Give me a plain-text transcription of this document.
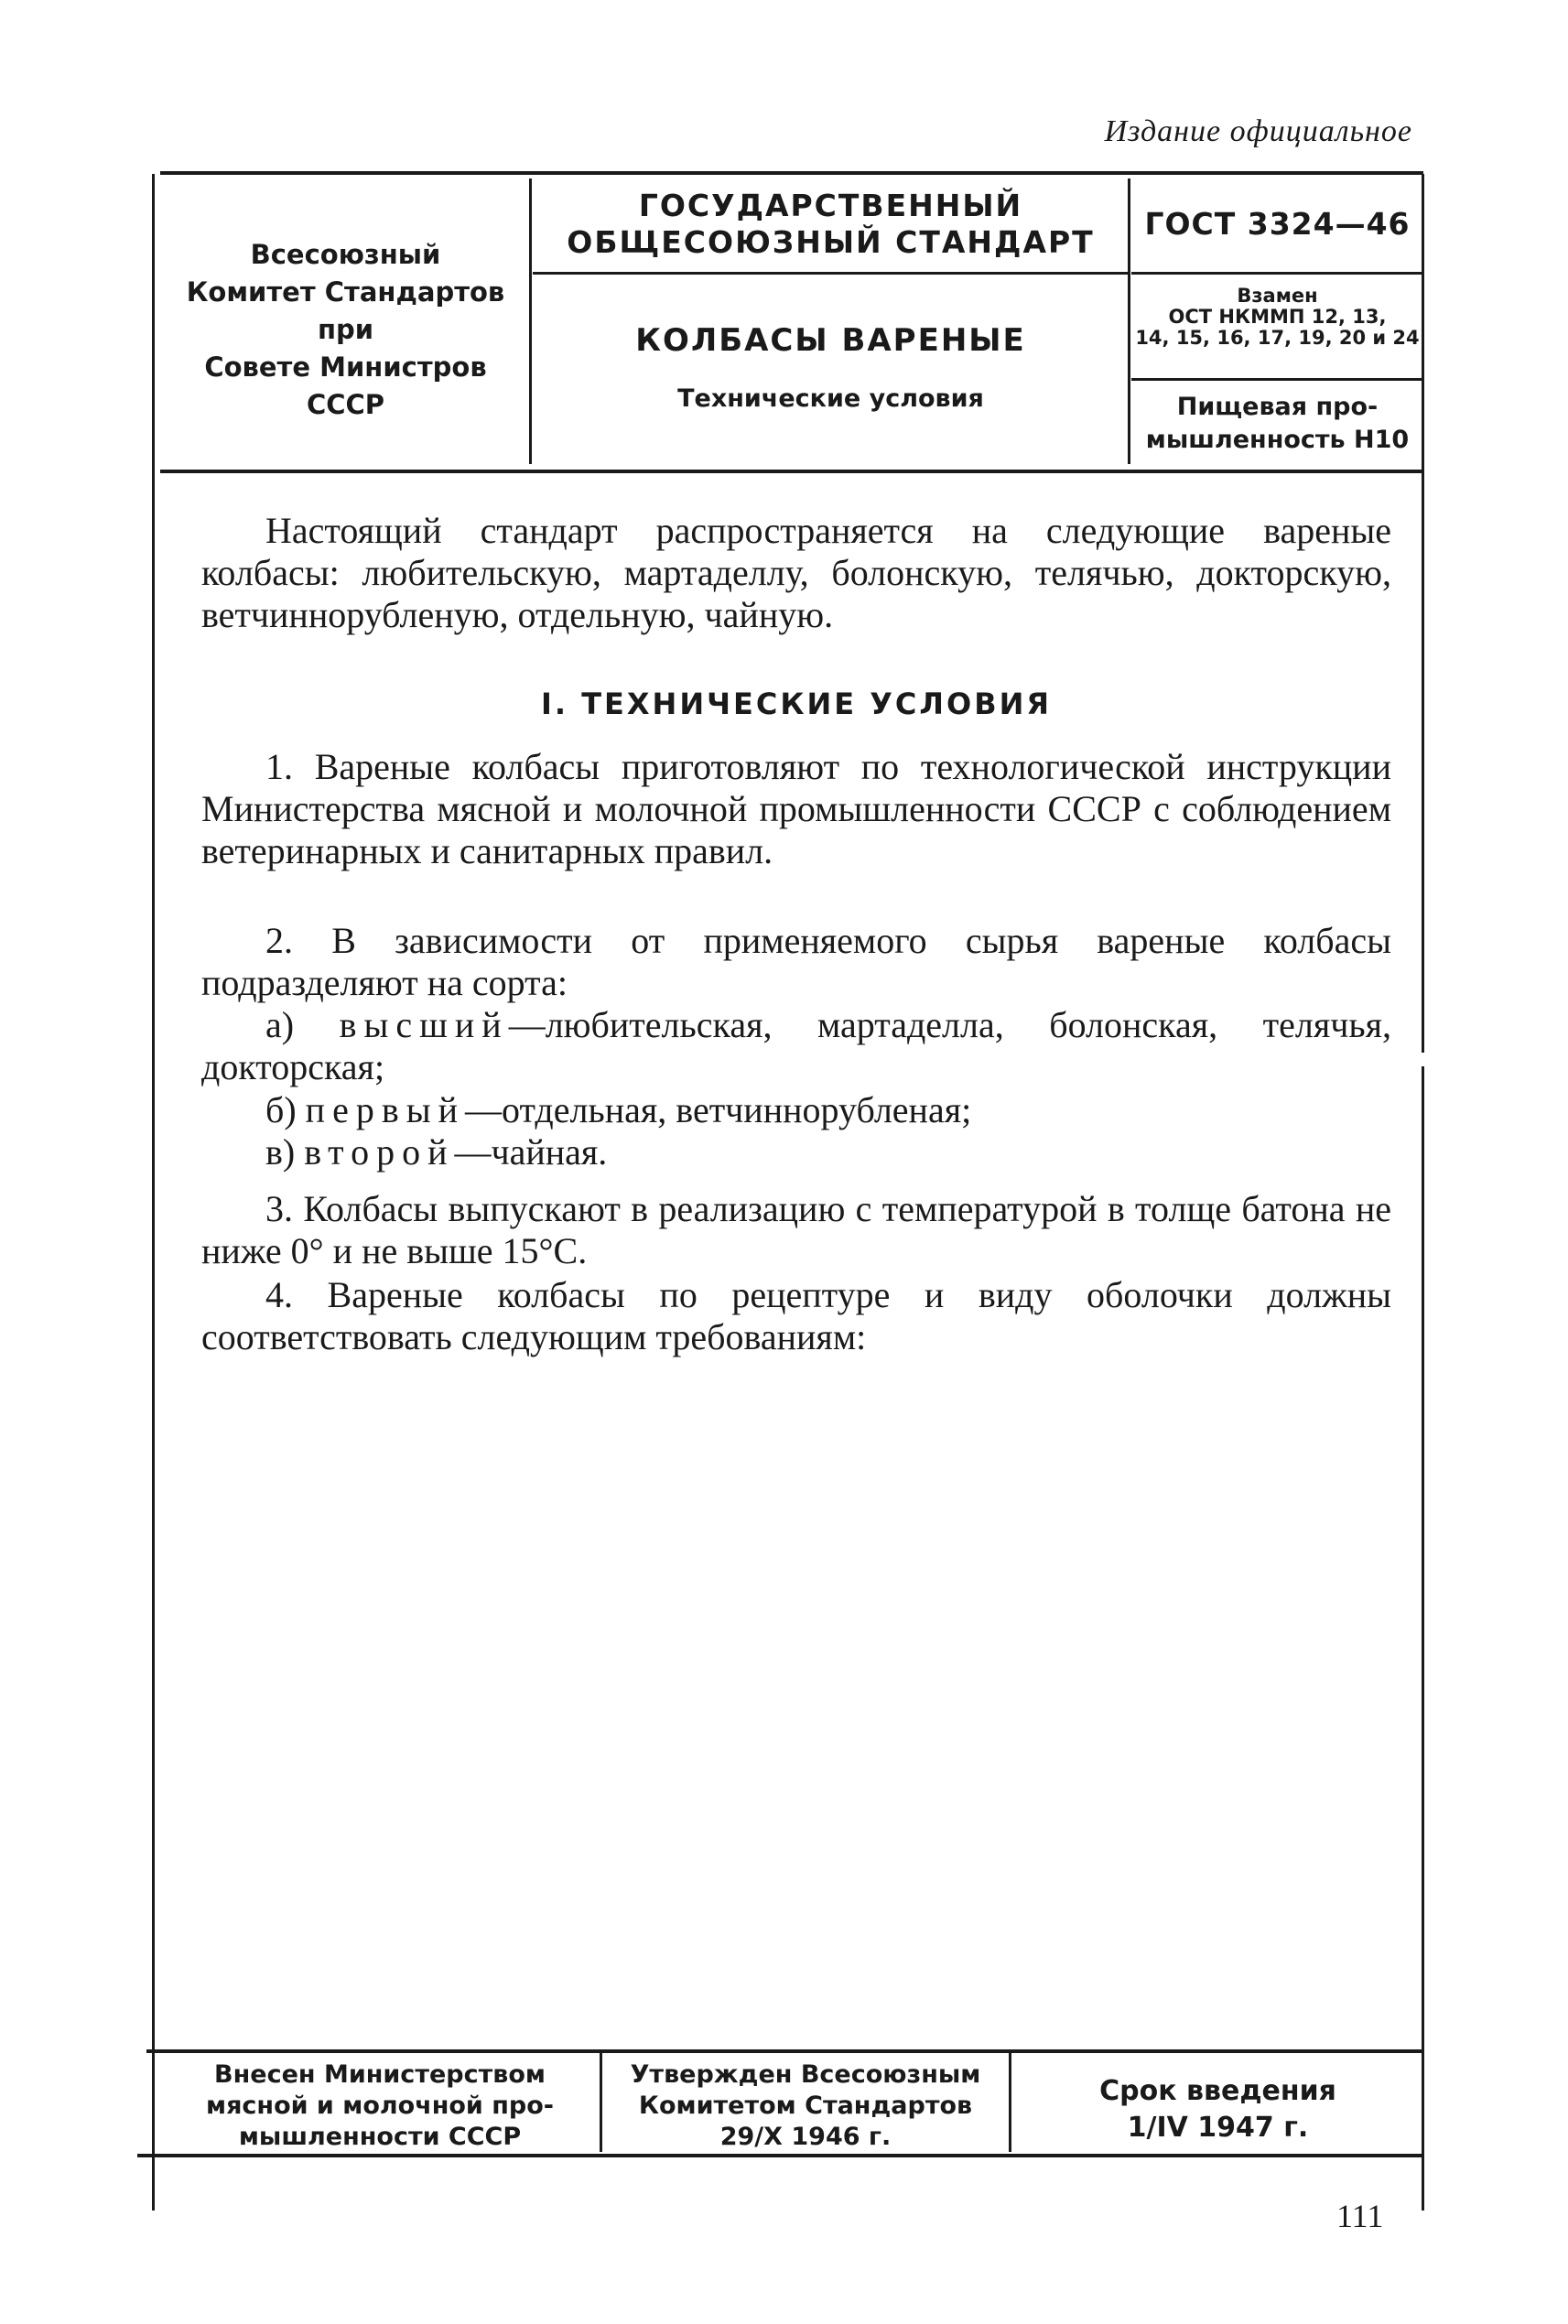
Издание официальное
Всесоюзный
Комитет Стандартов
при
Совете Министров
СССР
ГОСУДАРСТВЕННЫЙ
ОБЩЕСОЮЗНЫЙ СТАНДАРТ
КОЛБАСЫ ВАРЕНЫЕ
Технические условия
ГОСТ 3324—46
Взамен
ОСТ НКММП 12, 13,
14, 15, 16, 17, 19, 20 и 24
Пищевая про-
мышленность Н10
Настоящий стандарт распространяется на следующие вареные колбасы: любительскую, мартаделлу, болонскую, телячью, докторскую, ветчиннорубленую, отдельную, чайную.
I. ТЕХНИЧЕСКИЕ УСЛОВИЯ
1. Вареные колбасы приготовляют по технологической инструкции Министерства мясной и молочной промышленности СССР с соблюдением ветеринарных и санитарных правил.
2. В зависимости от применяемого сырья вареные колбасы подразделяют на сорта:
а) высший—любительская, мартаделла, болонская, телячья, докторская;
б) первый—отдельная, ветчиннорубленая;
в) второй—чайная.
3. Колбасы выпускают в реализацию с температурой в толще батона не ниже 0° и не выше 15°С.
4. Вареные колбасы по рецептуре и виду оболочки должны соответствовать следующим требованиям:
Внесен Министерством
мясной и молочной про-
мышленности СССР
Утвержден Всесоюзным
Комитетом Стандартов
29/X 1946 г.
Срок введения
1/IV 1947 г.
111
